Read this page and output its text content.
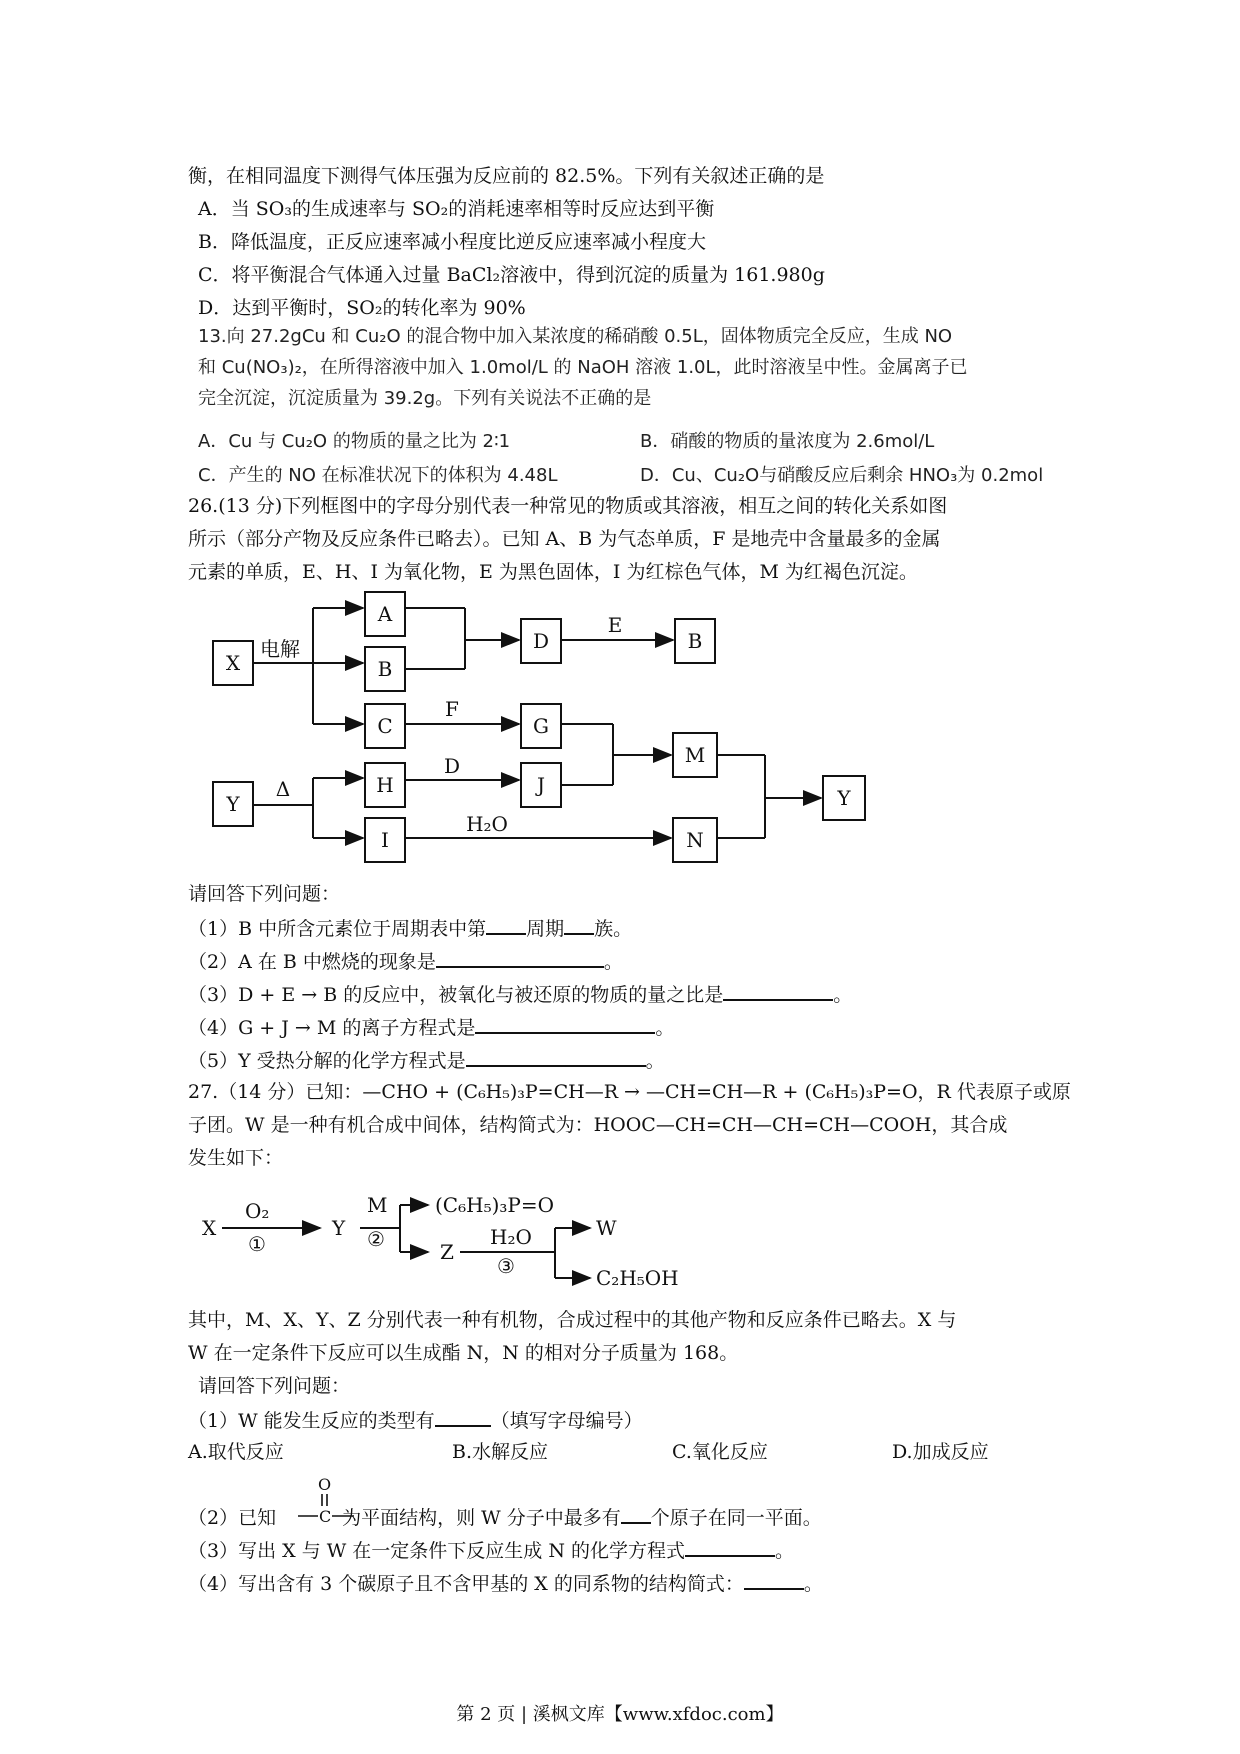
衡，在相同温度下测得气体压强为反应前的 82.5%。下列有关叙述正确的是
A．当 SO₃的生成速率与 SO₂的消耗速率相等时反应达到平衡
B．降低温度，正反应速率减小程度比逆反应速率减小程度大
C．将平衡混合气体通入过量 BaCl₂溶液中，得到沉淀的质量为 161.980g
D．达到平衡时，SO₂的转化率为 90%
13.向 27.2gCu 和 Cu₂O 的混合物中加入某浓度的稀硝酸 0.5L，固体物质完全反应，生成 NO
和 Cu(NO₃)₂，在所得溶液中加入 1.0mol/L 的 NaOH 溶液 1.0L，此时溶液呈中性。金属离子已
完全沉淀，沉淀质量为 39.2g。下列有关说法不正确的是
A．Cu 与 Cu₂O 的物质的量之比为 2∶1	B．硝酸的物质的量浓度为 2.6mol/L
C．产生的 NO 在标准状况下的体积为 4.48L	D．Cu、Cu₂O与硝酸反应后剩余 HNO₃为 0.2mol
26.(13 分)下列框图中的字母分别代表一种常见的物质或其溶液，相互之间的转化关系如图
所示（部分产物及反应条件已略去）。已知 A、B 为气态单质，F 是地壳中含量最多的金属
元素的单质，E、H、I 为氧化物，E 为黑色固体，I 为红棕色气体，M 为红褐色沉淀。
X
A
B
C
D	B
G
M
Y
H	J
I	N
Y
电解
Δ
E
F
D
H₂O
请回答下列问题：
（1）B 中所含元素位于周期表中第 周期 族。
（2）A 在 B 中燃烧的现象是	。
（3）D + E → B 的反应中，被氧化与被还原的物质的量之比是	。
（4）G + J → M 的离子方程式是	。
（5）Y 受热分解的化学方程式是	。
27.（14 分）已知：—CHO + (C₆H₅)₃P=CH—R → —CH=CH—R + (C₆H₅)₃P=O，R 代表原子或原
子团。W 是一种有机合成中间体，结构简式为：HOOC—CH=CH—CH=CH—COOH，其合成
发生如下：
X
O₂
①
Y
M
②
(C₆H₅)₃P=O
Z
H₂O
③
W
C₂H₅OH
其中，M、X、Y、Z 分别代表一种有机物，合成过程中的其他产物和反应条件已略去。X 与
W 在一定条件下反应可以生成酯 N，N 的相对分子质量为 168。
请回答下列问题：
（1）W 能发生反应的类型有	（填写字母编号）
A.取代反应	B.水解反应	C.氧化反应	D.加成反应
O
C
（2）已知	为平面结构，则 W 分子中最多有 个原子在同一平面。
（3）写出 X 与 W 在一定条件下反应生成 N 的化学方程式	。
（4）写出含有 3 个碳原子且不含甲基的 X 的同系物的结构简式：	。
第 2 页 | 溪枫文库【www.xfdoc.com】
